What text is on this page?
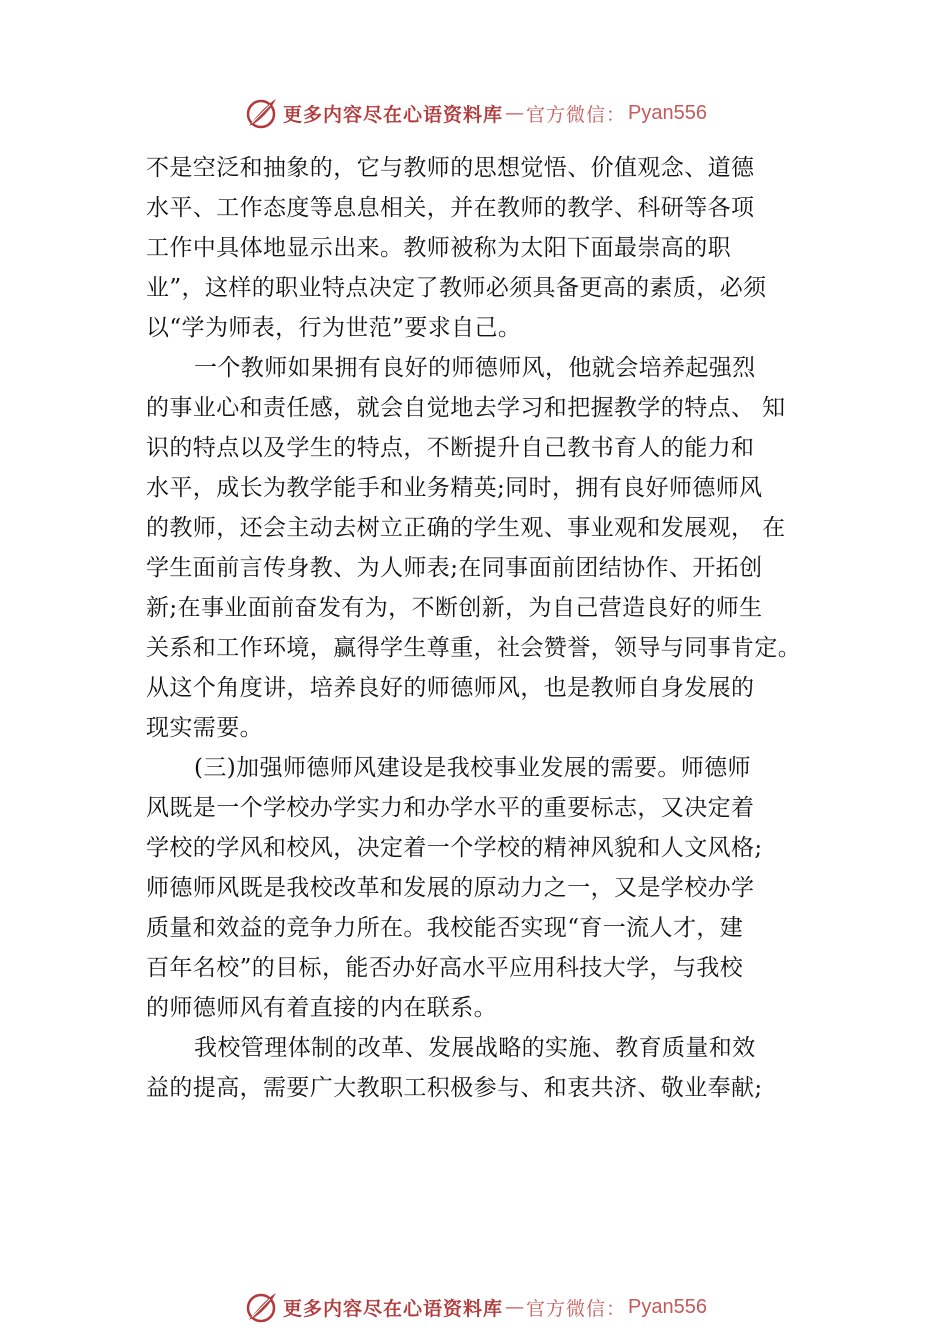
更多内容尽在心语资料库 — 官方微信： Pyan556
不是空泛和抽象的，它与教师的思想觉悟、价值观念、道德
水平、工作态度等息息相关，并在教师的教学、科研等各项
工作中具体地显示出来。教师被称为太阳下面最崇高的职
业”，这样的职业特点决定了教师必须具备更高的素质，必须
以“学为师表，行为世范”要求自己。
一个教师如果拥有良好的师德师风，他就会培养起强烈
的事业心和责任感，就会自觉地去学习和把握教学的特点、 知
识的特点以及学生的特点，不断提升自己教书育人的能力和
水平，成长为教学能手和业务精英;同时，拥有良好师德师风
的教师，还会主动去树立正确的学生观、事业观和发展观， 在
学生面前言传身教、为人师表;在同事面前团结协作、开拓创
新;在事业面前奋发有为，不断创新，为自己营造良好的师生
关系和工作环境，赢得学生尊重，社会赞誉，领导与同事肯定。
从这个角度讲，培养良好的师德师风，也是教师自身发展的
现实需要。
(三)加强师德师风建设是我校事业发展的需要。师德师
风既是一个学校办学实力和办学水平的重要标志，又决定着
学校的学风和校风，决定着一个学校的精神风貌和人文风格;
师德师风既是我校改革和发展的原动力之一，又是学校办学
质量和效益的竞争力所在。我校能否实现“育一流人才，建
百年名校”的目标，能否办好高水平应用科技大学，与我校
的师德师风有着直接的内在联系。
我校管理体制的改革、发展战略的实施、教育质量和效
益的提高，需要广大教职工积极参与、和衷共济、敬业奉献;
更多内容尽在心语资料库 — 官方微信： Pyan556
